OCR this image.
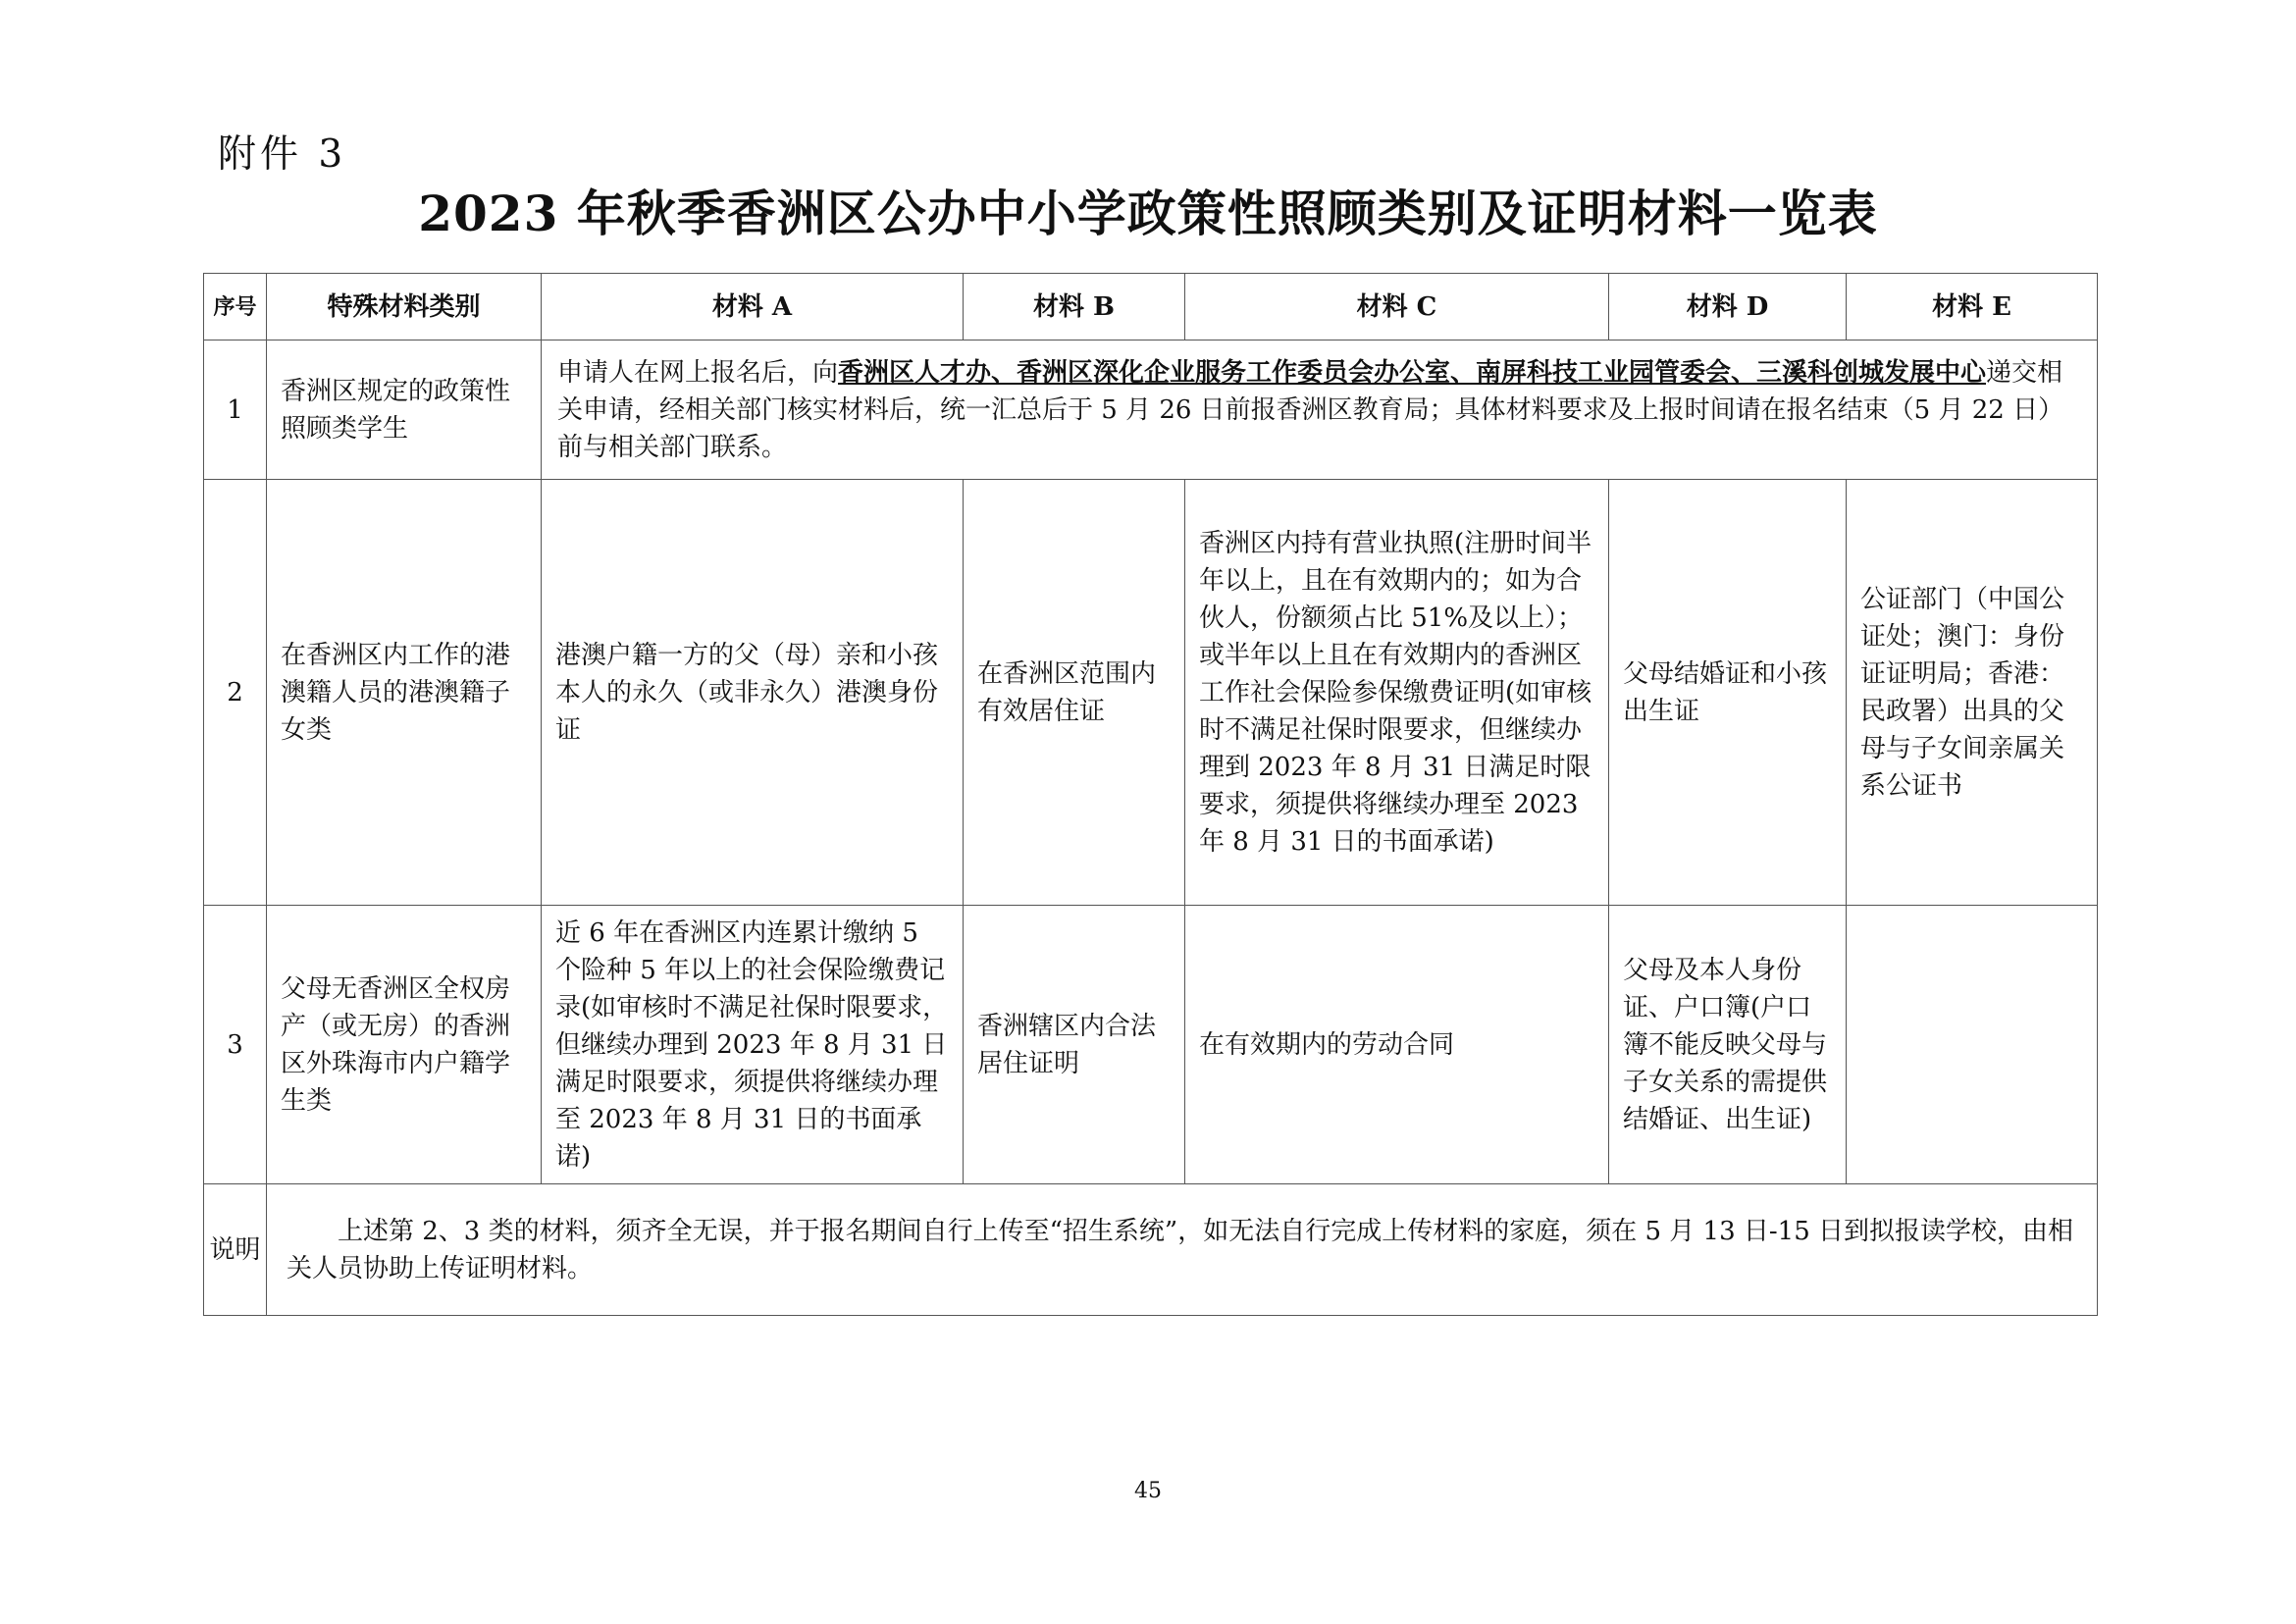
附件 3
2023 年秋季香洲区公办中小学政策性照顾类别及证明材料一览表
序号	特殊材料类别	材料 A	材料 B	材料 C	材料 D	材料 E
1	香洲区规定的政策性照顾类学生	申请人在网上报名后，向香洲区人才办、香洲区深化企业服务工作委员会办公室、南屏科技工业园管委会、三溪科创城发展中心递交相关申请，经相关部门核实材料后，统一汇总后于 5 月 26 日前报香洲区教育局；具体材料要求及上报时间请在报名结束（5 月 22 日）前与相关部门联系。				
2	在香洲区内工作的港澳籍人员的港澳籍子女类	港澳户籍一方的父（母）亲和小孩本人的永久（或非永久）港澳身份证	在香洲区范围内有效居住证	香洲区内持有营业执照(注册时间半年以上，且在有效期内的；如为合伙人，份额须占比 51%及以上）；或半年以上且在有效期内的香洲区工作社会保险参保缴费证明(如审核时不满足社保时限要求，但继续办理到 2023 年 8 月 31 日满足时限要求，须提供将继续办理至 2023 年 8 月 31 日的书面承诺)	父母结婚证和小孩出生证	公证部门（中国公证处；澳门：身份证证明局；香港：民政署）出具的父母与子女间亲属关系公证书
3	父母无香洲区全权房产（或无房）的香洲区外珠海市内户籍学生类	近 6 年在香洲区内连累计缴纳 5 个险种 5 年以上的社会保险缴费记录(如审核时不满足社保时限要求，但继续办理到 2023 年 8 月 31 日满足时限要求，须提供将继续办理至 2023 年 8 月 31 日的书面承诺)	香洲辖区内合法居住证明	在有效期内的劳动合同	父母及本人身份证、户口簿(户口簿不能反映父母与子女关系的需提供结婚证、出生证)	
说明	上述第 2、3 类的材料，须齐全无误，并于报名期间自行上传至“招生系统”，如无法自行完成上传材料的家庭，须在 5 月 13 日-15 日到拟报读学校，由相关人员协助上传证明材料。					
45
